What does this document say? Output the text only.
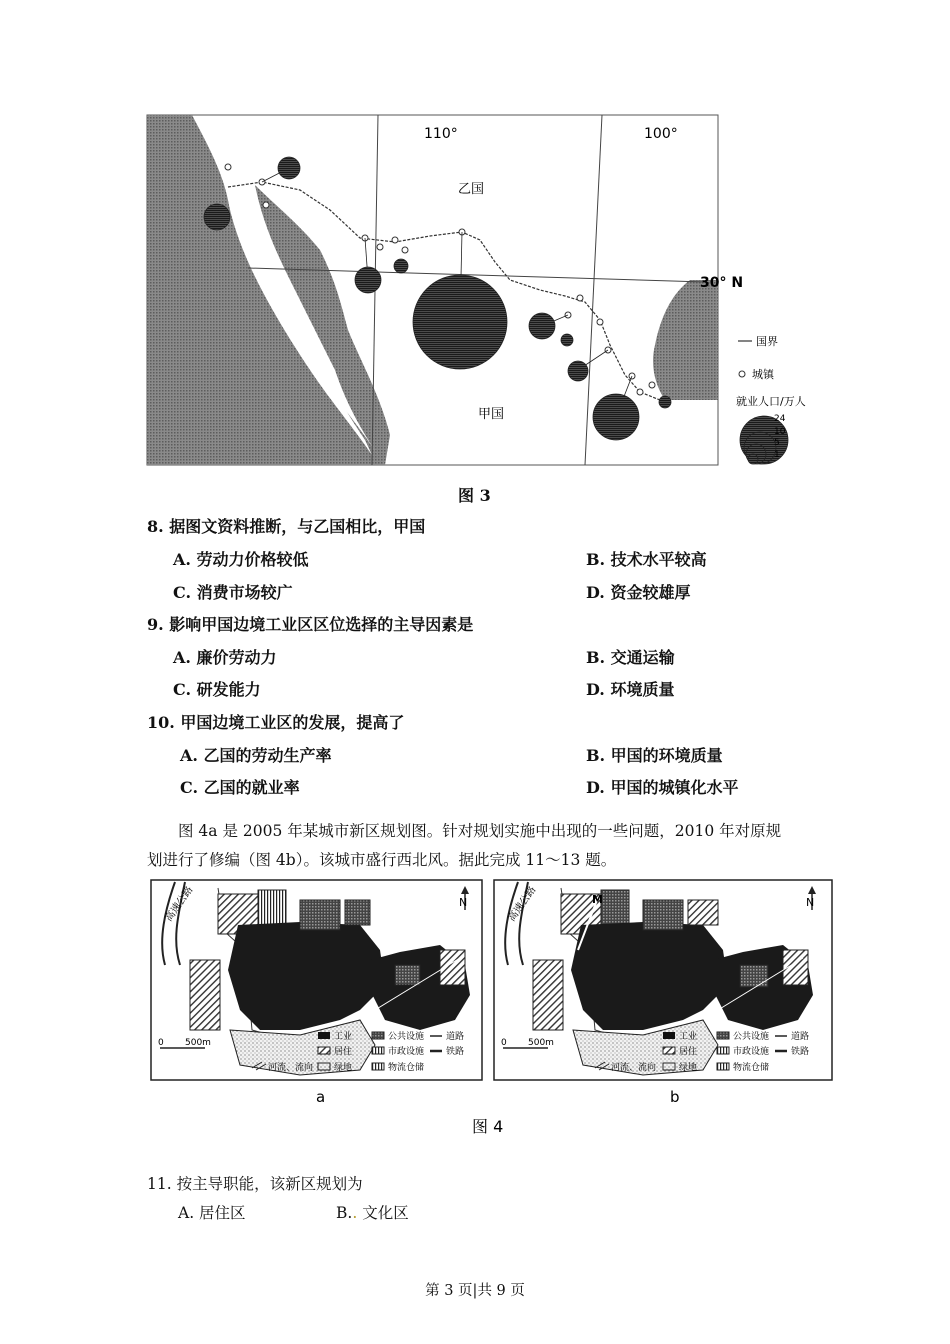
110°	100°
30° N
乙国
甲国
国界
城镇
就业人口/万人
24
10
5
1
图 3
8. 据图文资料推断，与乙国相比，甲国
A. 劳动力价格较低	B. 技术水平较高
C. 消费市场较广	D. 资金较雄厚
9. 影响甲国边境工业区区位选择的主导因素是
A. 廉价劳动力	B. 交通运输
C. 研发能力	D. 环境质量
10. 甲国边境工业区的发展，提高了
A. 乙国的劳动生产率	B. 甲国的环境质量
C. 乙国的就业率	D. 甲国的城镇化水平
图 4a 是 2005 年某城市新区规划图。针对规划实施中出现的一些问题，2010 年对原规
划进行了修编（图 4b）。该城市盛行西北风。据此完成 11～13 题。
N
高速公路
0 500m
工业	公共设施 道路
居住	市政设施 铁路
河流、流向 绿地	物流仓储
M	N
高速公路
0 500m
工业	公共设施 道路
居住	市政设施 铁路
河流、流向	绿地	物流仓储
a	b
图 4
11. 按主导职能，该新区规划为
A. 居住区	B.. 文化区
第 3 页|共 9 页
